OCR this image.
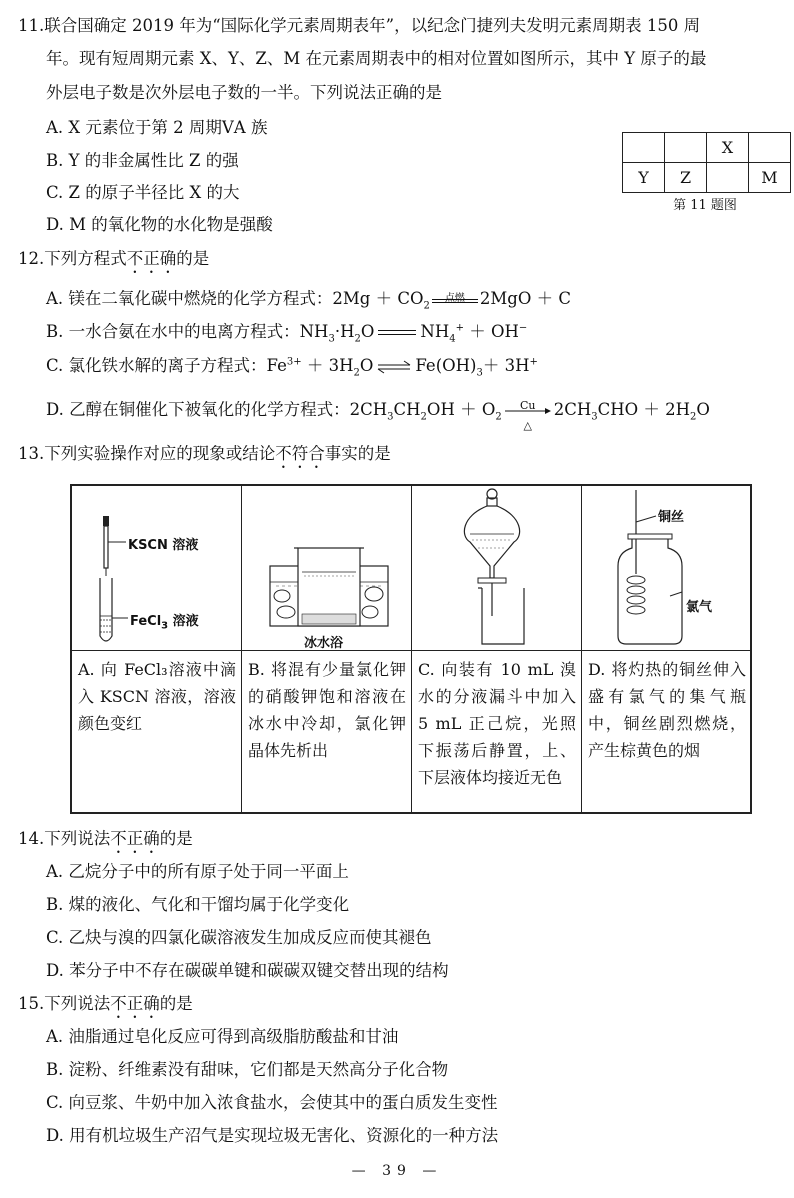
11.联合国确定 2019 年为“国际化学元素周期表年”，以纪念门捷列夫发明元素周期表 150 周
年。现有短周期元素 X、Y、Z、M 在元素周期表中的相对位置如图所示，其中 Y 原子的最
外层电子数是次外层电子数的一半。下列说法正确的是
A. X 元素位于第 2 周期ⅤA 族
B. Y 的非金属性比 Z 的强
C. Z 的原子半径比 X 的大
D. M 的氧化物的水化物是强酸
		X	
Y	Z		M
第 11 题图
12.下列方程式不正确的是
A. 镁在二氧化碳中燃烧的化学方程式：$2Mg + CO_2$
点燃 2MgO ＋ C
B. 一水合氨在水中的电离方程式：$NH_3\cdot H_2O$	$NH_4^+ + OH^-$
C. 氯化铁水解的离子方程式：$Fe^{3+} + 3H_2O$ ⇌ $Fe(OH)_3+ 3H^+$
D. 乙醇在铜催化下被氧化的化学方程式：$2CH_3CH_2OH + O_2$
Cu
△
$2CH_3CHO + 2H_2O$
13.下列实验操作对应的现象或结论不符合事实的是
KSCN 溶液
FeCl$_3$ 溶液
A. 向 FeCl₃溶液中滴入 KSCN 溶液，溶液颜色变红
冰水浴
B. 将混有少量氯化钾的硝酸钾饱和溶液在冰水中冷却，氯化钾晶体先析出
C. 向装有 10 mL 溴水的分液漏斗中加入 5 mL 正己烷，光照下振荡后静置，上、下层液体均接近无色
铜丝
氯气
D. 将灼热的铜丝伸入盛有氯气的集气瓶中，铜丝剧烈燃烧，产生棕黄色的烟
14.下列说法不正确的是
A. 乙烷分子中的所有原子处于同一平面上
B. 煤的液化、气化和干馏均属于化学变化
C. 乙炔与溴的四氯化碳溶液发生加成反应而使其褪色
D. 苯分子中不存在碳碳单键和碳碳双键交替出现的结构
15.下列说法不正确的是
A. 油脂通过皂化反应可得到高级脂肪酸盐和甘油
B. 淀粉、纤维素没有甜味，它们都是天然高分子化合物
C. 向豆浆、牛奶中加入浓食盐水，会使其中的蛋白质发生变性
D. 用有机垃圾生产沼气是实现垃圾无害化、资源化的一种方法
— 39 —
